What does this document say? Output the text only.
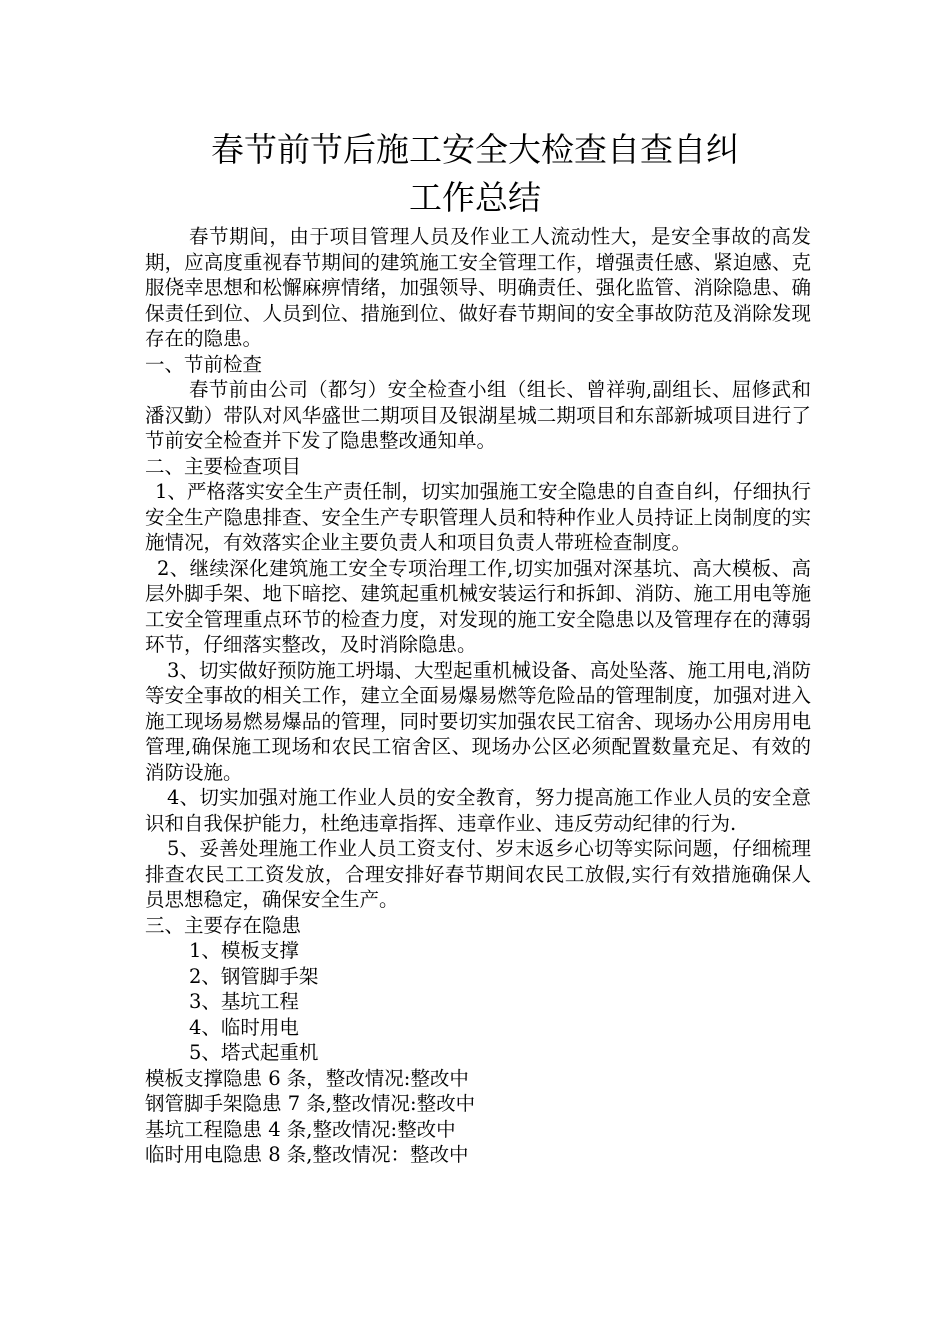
春节前节后施工安全大检查自查自纠
工作总结

春节期间，由于项目管理人员及作业工人流动性大，是安全事故的高发期，应高度重视春节期间的建筑施工安全管理工作，增强责任感、紧迫感、克服侥幸思想和松懈麻痹情绪，加强领导、明确责任、强化监管、消除隐患、确保责任到位、人员到位、措施到位、做好春节期间的安全事故防范及消除发现存在的隐患。

一、节前检查

春节前由公司（都匀）安全检查小组（组长、曾祥驹,副组长、屈修武和潘汉勤）带队对风华盛世二期项目及银湖星城二期项目和东部新城项目进行了节前安全检查并下发了隐患整改通知单。

二、主要检查项目

1、严格落实安全生产责任制，切实加强施工安全隐患的自查自纠，仔细执行安全生产隐患排查、安全生产专职管理人员和特种作业人员持证上岗制度的实施情况，有效落实企业主要负责人和项目负责人带班检查制度。

2、继续深化建筑施工安全专项治理工作,切实加强对深基坑、高大模板、高层外脚手架、地下暗挖、建筑起重机械安装运行和拆卸、消防、施工用电等施工安全管理重点环节的检查力度，对发现的施工安全隐患以及管理存在的薄弱环节，仔细落实整改，及时消除隐患。

3、切实做好预防施工坍塌、大型起重机械设备、高处坠落、施工用电,消防等安全事故的相关工作，建立全面易爆易燃等危险品的管理制度，加强对进入施工现场易燃易爆品的管理，同时要切实加强农民工宿舍、现场办公用房用电管理,确保施工现场和农民工宿舍区、现场办公区必须配置数量充足、有效的消防设施。

4、切实加强对施工作业人员的安全教育，努力提高施工作业人员的安全意识和自我保护能力，杜绝违章指挥、违章作业、违反劳动纪律的行为.

5、妥善处理施工作业人员工资支付、岁末返乡心切等实际问题，仔细梳理排查农民工工资发放，合理安排好春节期间农民工放假,实行有效措施确保人员思想稳定，确保安全生产。

三、主要存在隐患

1、模板支撑

2、钢管脚手架

3、基坑工程

4、临时用电

5、塔式起重机

模板支撑隐患 6 条，整改情况:整改中

钢管脚手架隐患 7 条,整改情况:整改中

基坑工程隐患 4 条,整改情况:整改中

临时用电隐患 8 条,整改情况：整改中
